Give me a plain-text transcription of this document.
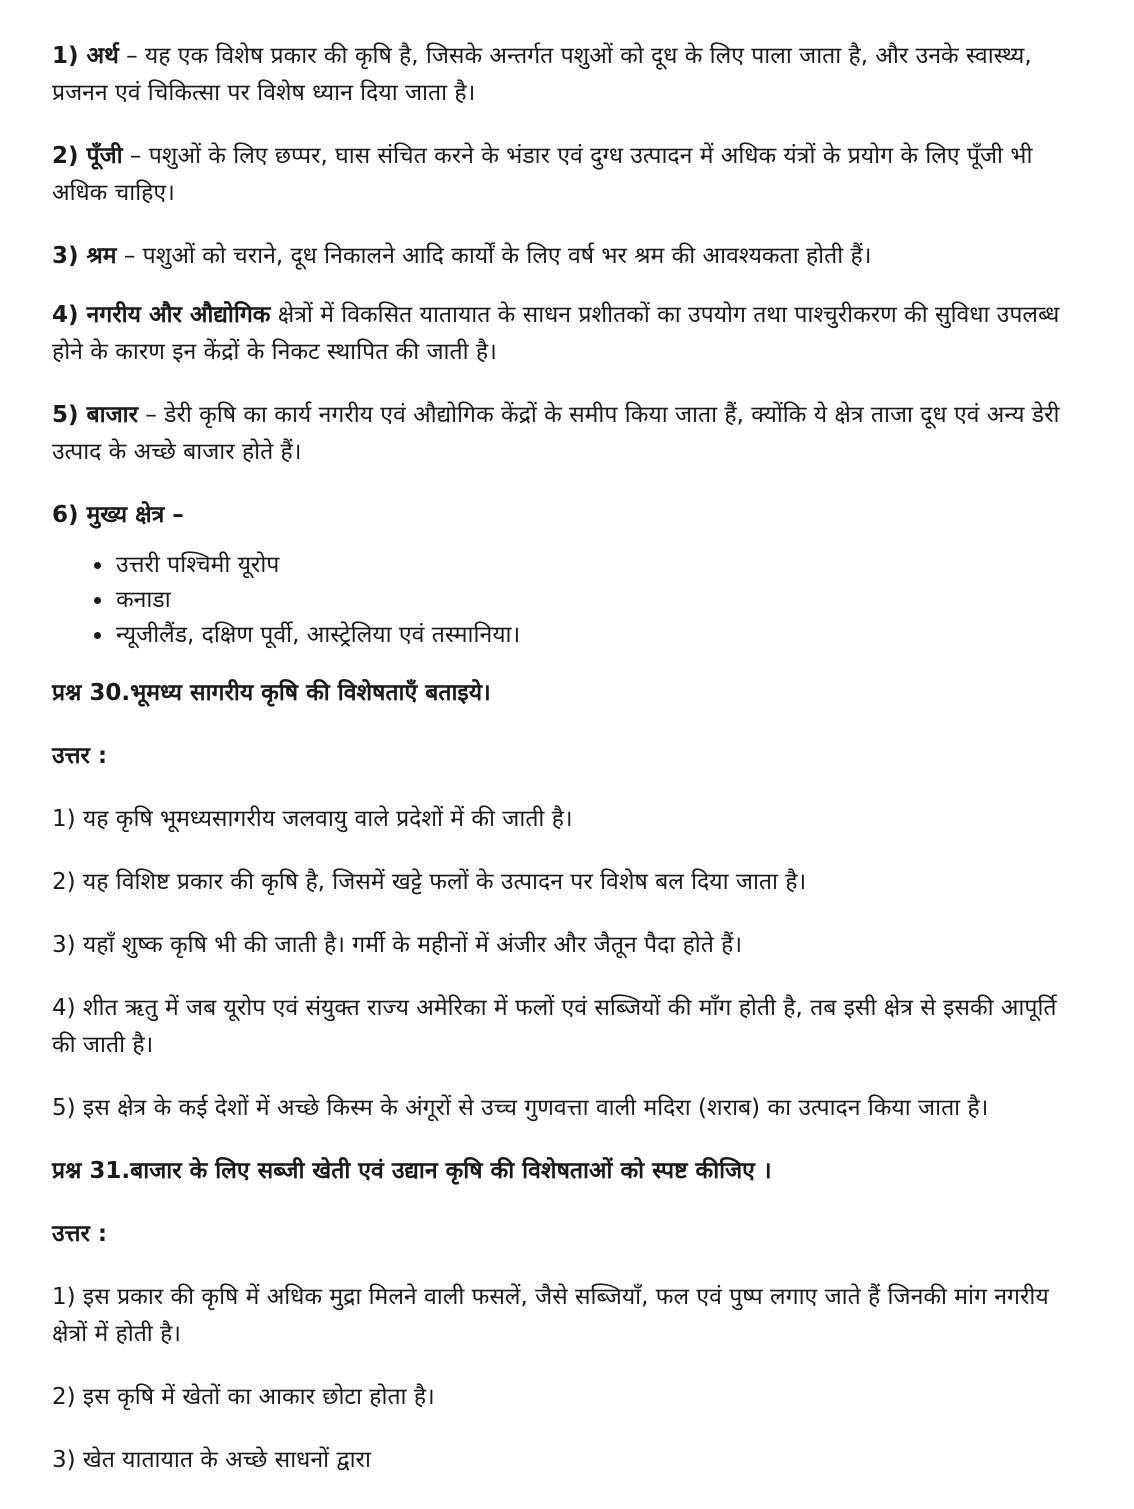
1) अर्थ – यह एक विशेष प्रकार की कृषि है, जिसके अन्तर्गत पशुओं को दूध के लिए पाला जाता है, और उनके स्वास्थ्य, प्रजनन एवं चिकित्सा पर विशेष ध्यान दिया जाता है।

2) पूँजी – पशुओं के लिए छप्पर, घास संचित करने के भंडार एवं दुग्ध उत्पादन में अधिक यंत्रों के प्रयोग के लिए पूँजी भी अधिक चाहिए।

3) श्रम – पशुओं को चराने, दूध निकालने आदि कार्यों के लिए वर्ष भर श्रम की आवश्यकता होती हैं।

4) नगरीय और औद्योगिक क्षेत्रों में विकसित यातायात के साधन प्रशीतकों का उपयोग तथा पाश्चुरीकरण की सुविधा उपलब्ध होने के कारण इन केंद्रों के निकट स्थापित की जाती है।

5) बाजार – डेरी कृषि का कार्य नगरीय एवं औद्योगिक केंद्रों के समीप किया जाता हैं, क्योंकि ये क्षेत्र ताजा दूध एवं अन्य डेरी उत्पाद के अच्छे बाजार होते हैं।

6) मुख्य क्षेत्र –

• उत्तरी पश्चिमी यूरोप
• कनाडा
• न्यूजीलैंड, दक्षिण पूर्वी, आस्ट्रेलिया एवं तस्मानिया।

प्रश्न 30.भूमध्य सागरीय कृषि की विशेषताएँ बताइये।

उत्तर :

1) यह कृषि भूमध्यसागरीय जलवायु वाले प्रदेशों में की जाती है।

2) यह विशिष्ट प्रकार की कृषि है, जिसमें खट्टे फलों के उत्पादन पर विशेष बल दिया जाता है।

3) यहाँ शुष्क कृषि भी की जाती है। गर्मी के महीनों में अंजीर और जैतून पैदा होते हैं।

4) शीत ऋतु में जब यूरोप एवं संयुक्त राज्य अमेरिका में फलों एवं सब्जियों की माँग होती है, तब इसी क्षेत्र से इसकी आपूर्ति की जाती है।

5) इस क्षेत्र के कई देशों में अच्छे किस्म के अंगूरों से उच्च गुणवत्ता वाली मदिरा (शराब) का उत्पादन किया जाता है।

प्रश्न 31.बाजार के लिए सब्जी खेती एवं उद्यान कृषि की विशेषताओं को स्पष्ट कीजिए ।

उत्तर :

1) इस प्रकार की कृषि में अधिक मुद्रा मिलने वाली फसलें, जैसे सब्जियाँ, फल एवं पुष्प लगाए जाते हैं जिनकी मांग नगरीय क्षेत्रों में होती है।

2) इस कृषि में खेतों का आकार छोटा होता है।

3) खेत यातायात के अच्छे साधनों द्वारा
